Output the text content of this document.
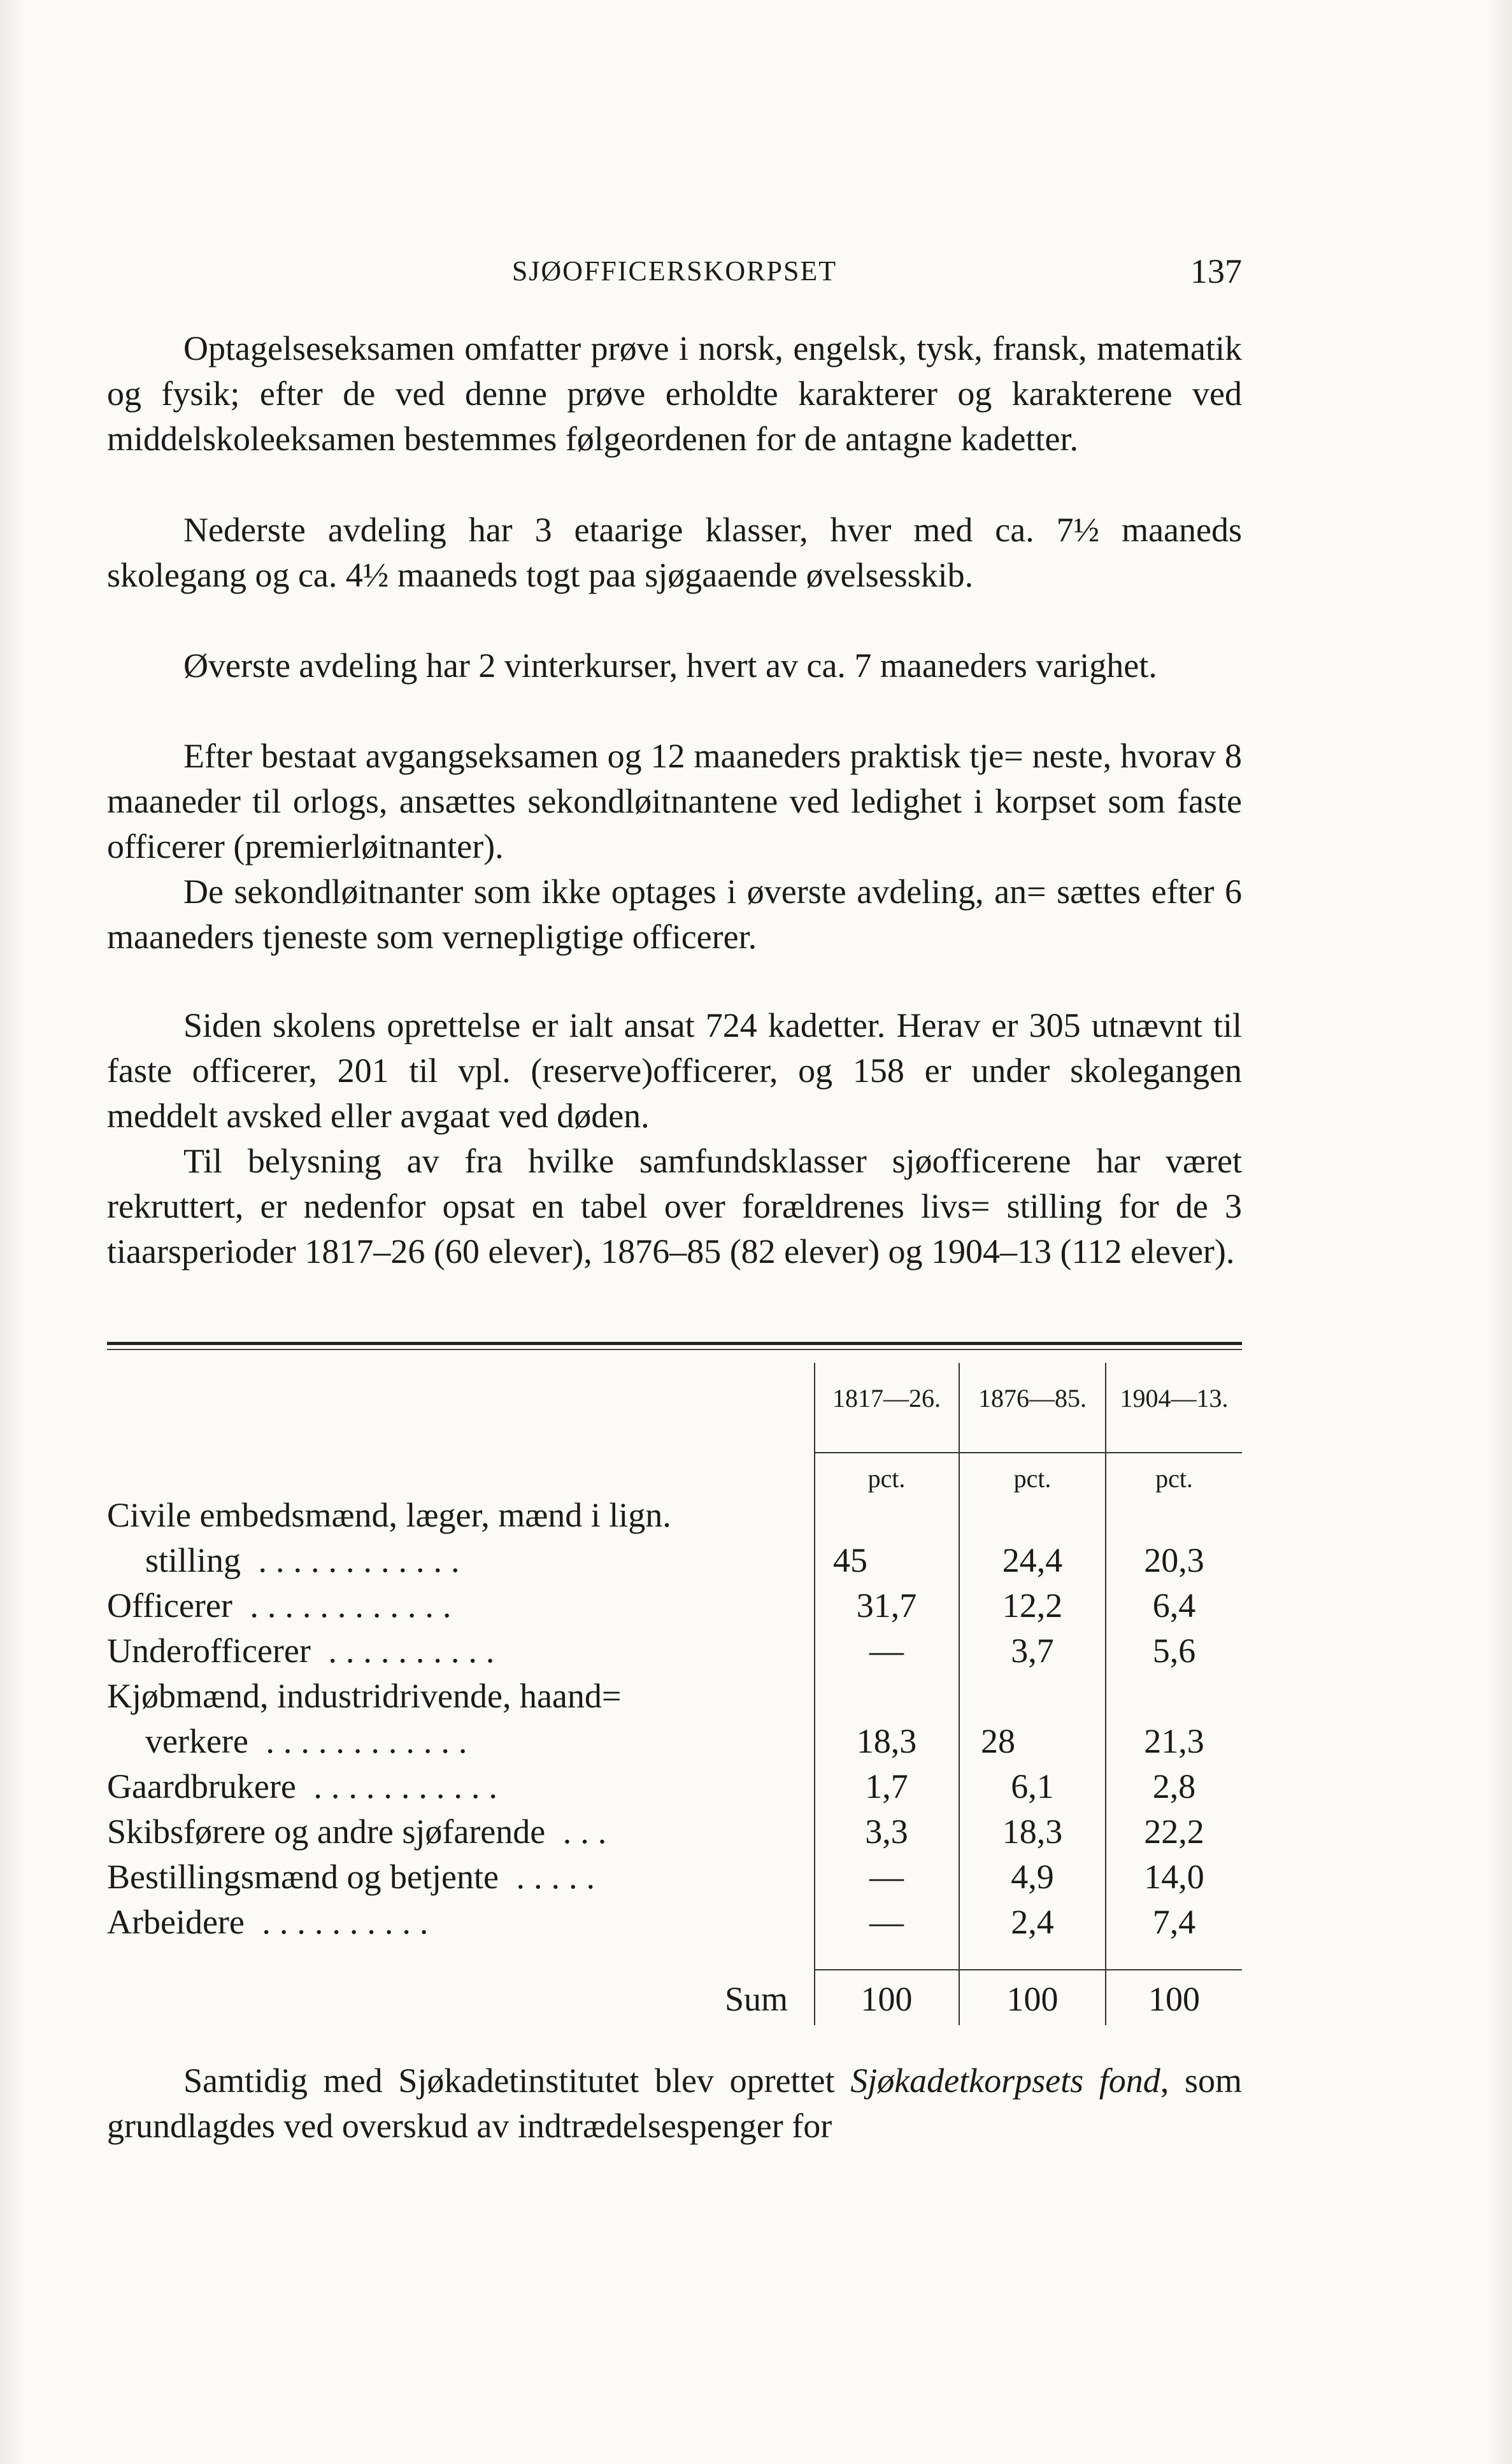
SJØOFFICERSKORPSET	137

Optagelseseksamen omfatter prøve i norsk, engelsk, tysk, fransk, matematik og fysik; efter de ved denne prøve erholdte karakterer og karakterene ved middelskoleeksamen bestemmes følgeordenen for de antagne kadetter.

Nederste avdeling har 3 etaarige klasser, hver med ca. 7½ maaneds skolegang og ca. 4½ maaneds togt paa sjøgaaende øvelsesskib.

Øverste avdeling har 2 vinterkurser, hvert av ca. 7 maaneders varighet.

Efter bestaat avgangseksamen og 12 maaneders praktisk tje= neste, hvorav 8 maaneder til orlogs, ansættes sekondløitnantene ved ledighet i korpset som faste officerer (premierløitnanter).

De sekondløitnanter som ikke optages i øverste avdeling, an= sættes efter 6 maaneders tjeneste som vernepligtige officerer.

Siden skolens oprettelse er ialt ansat 724 kadetter. Herav er 305 utnævnt til faste officerer, 201 til vpl. (reserve)officerer, og 158 er under skolegangen meddelt avsked eller avgaat ved døden.

Til belysning av fra hvilke samfundsklasser sjøofficerene har været rekruttert, er nedenfor opsat en tabel over forældrenes livs= stilling for de 3 tiaarsperioder 1817–26 (60 elever), 1876–85 (82 elever) og 1904–13 (112 elever).

1817—26.	1876—85.	1904—13.
pct.	pct.	pct.
Civile embedsmænd, læger, mænd i lign.
stilling ............	45	24,4	20,3
Officerer ............	31,7	12,2	6,4
Underofficerer ..........	—	3,7	5,6
Kjøbmænd, industridrivende, haand=
verkere ............	18,3	28	21,3
Gaardbrukere ...........	1,7	6,1	2,8
Skibsførere og andre sjøfarende ...	3,3	18,3	22,2
Bestillingsmænd og betjente .....	—	4,9	14,0
Arbeidere ..........	—	2,4	7,4
Sum	100	100	100

Samtidig med Sjøkadetinstitutet blev oprettet Sjøkadetkorpsets fond, som grundlagdes ved overskud av indtrædelsespenger for
